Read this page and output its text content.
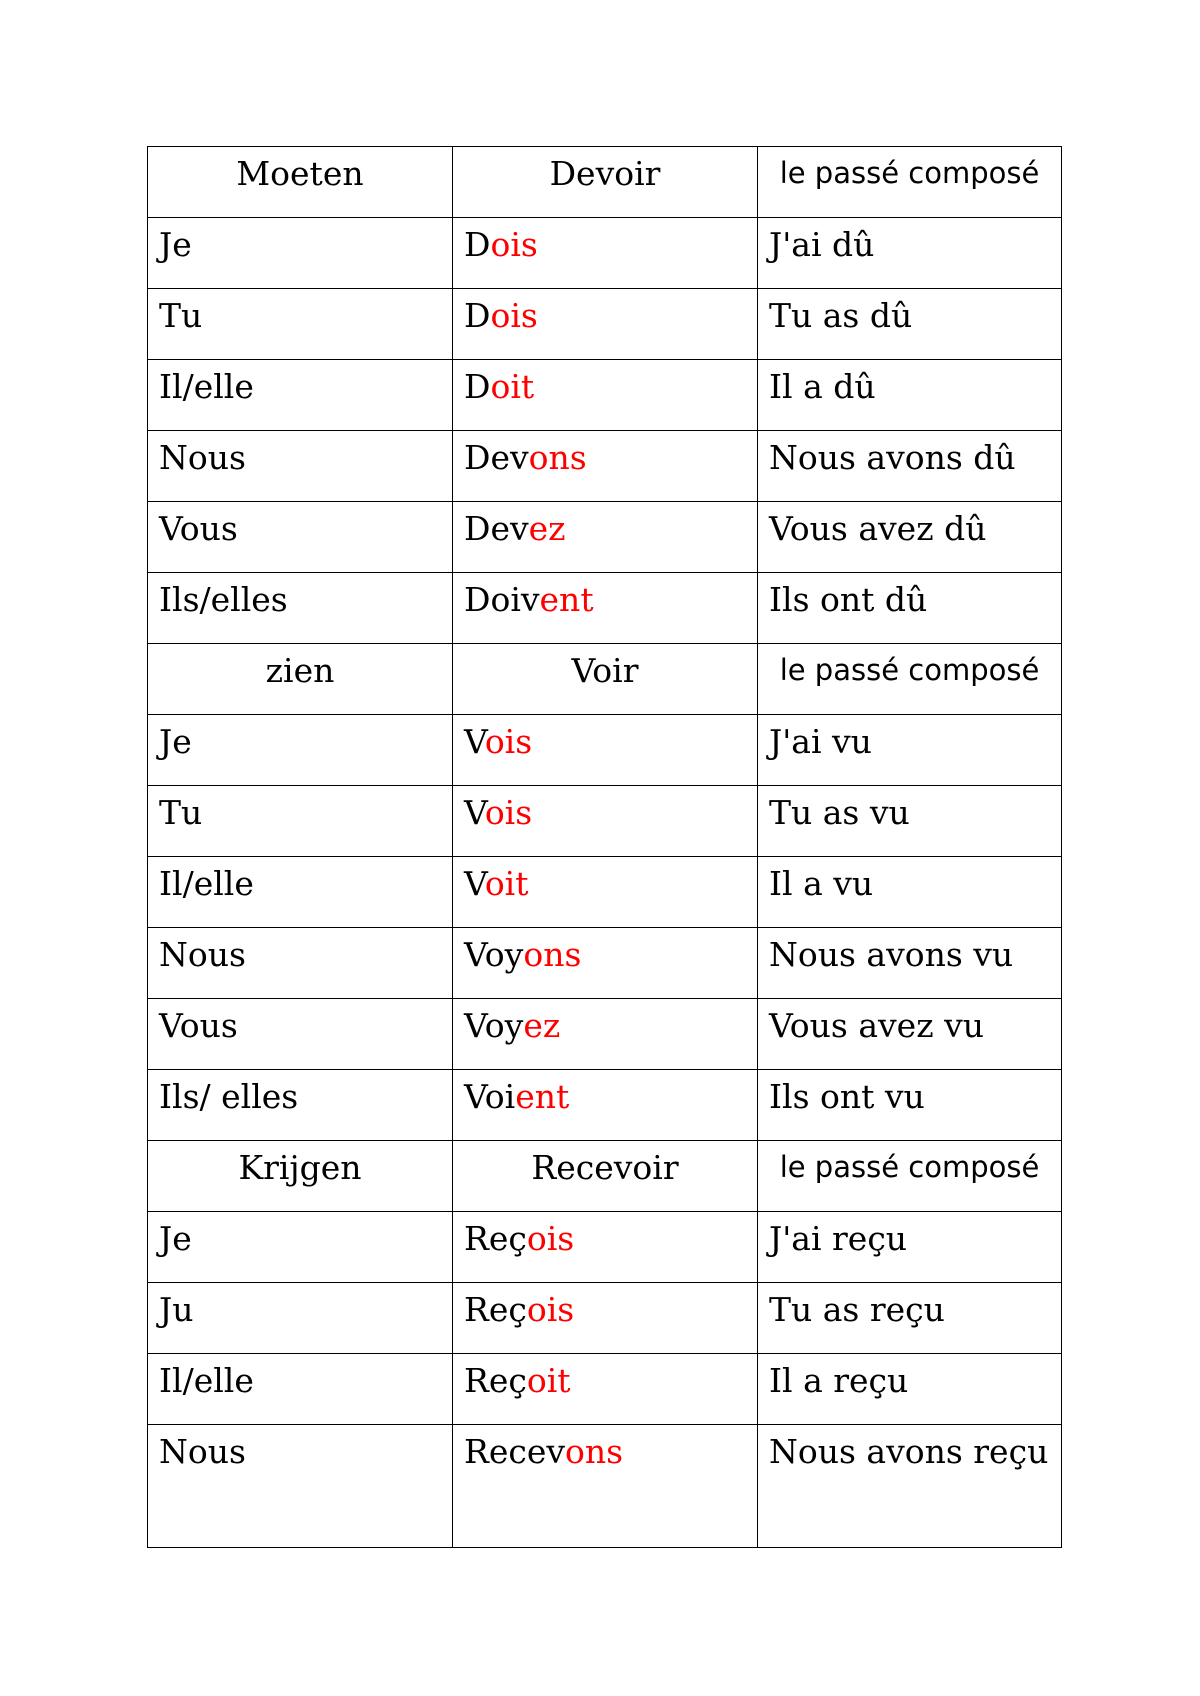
Moeten	Devoir	le passé composé
Je	Dois	J'ai dû
Tu	Dois	Tu as dû
Il/elle	Doit	Il a dû
Nous	Devons	Nous avons dû
Vous	Devez	Vous avez dû
Ils/elles	Doivent	Ils ont dû
zien	Voir	le passé composé
Je	Vois	J'ai vu
Tu	Vois	Tu as vu
Il/elle	Voit	Il a vu
Nous	Voyons	Nous avons vu
Vous	Voyez	Vous avez vu
Ils/ elles	Voient	Ils ont vu
Krijgen	Recevoir	le passé composé
Je	Reçois	J'ai reçu
Ju	Reçois	Tu as reçu
Il/elle	Reçoit	Il a reçu
Nous	Recevons	Nous avons reçu
